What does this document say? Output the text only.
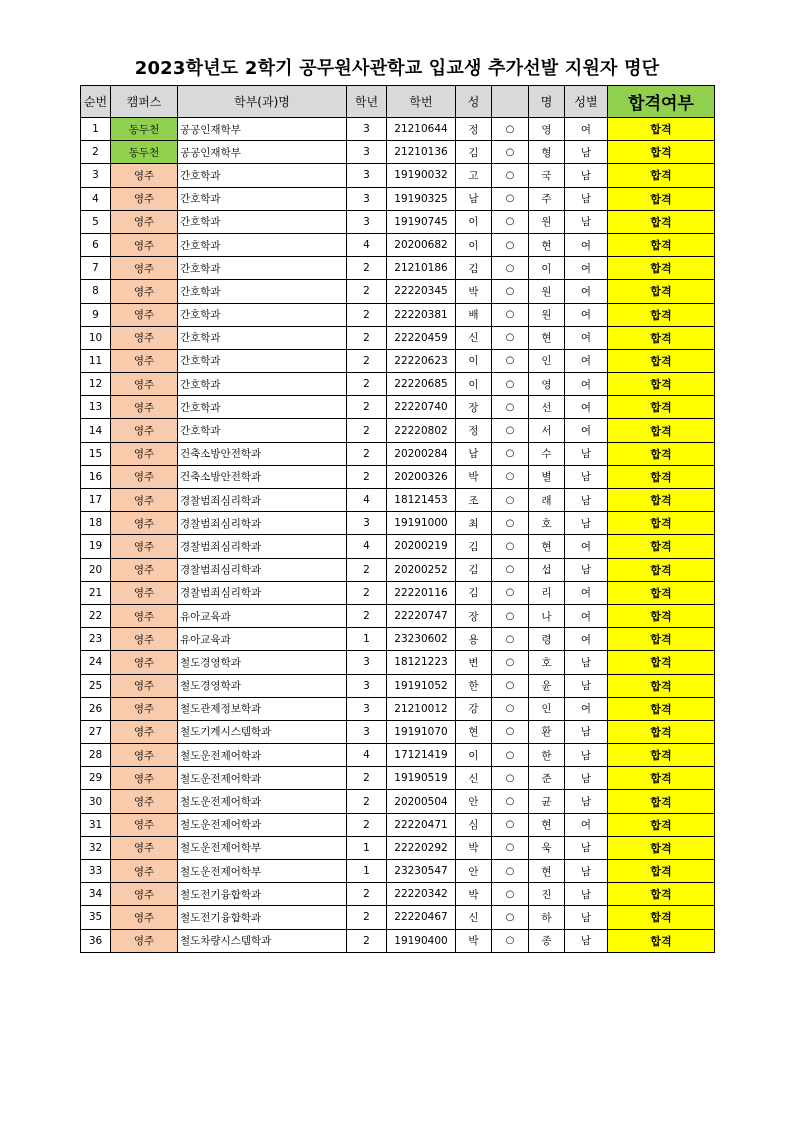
2023학년도 2학기 공무원사관학교 입교생 추가선발 지원자 명단
순번	캠퍼스	학부(과)명	학년	학번	성		명	성별	합격여부
1	동두천	공공인재학부	3	21210644	정	○	영	여	합격
2	동두천	공공인재학부	3	21210136	김	○	형	남	합격
3	영주	간호학과	3	19190032	고	○	국	남	합격
4	영주	간호학과	3	19190325	남	○	주	남	합격
5	영주	간호학과	3	19190745	이	○	원	남	합격
6	영주	간호학과	4	20200682	이	○	현	여	합격
7	영주	간호학과	2	21210186	김	○	이	여	합격
8	영주	간호학과	2	22220345	박	○	원	여	합격
9	영주	간호학과	2	22220381	배	○	원	여	합격
10	영주	간호학과	2	22220459	신	○	현	여	합격
11	영주	간호학과	2	22220623	이	○	인	여	합격
12	영주	간호학과	2	22220685	이	○	영	여	합격
13	영주	간호학과	2	22220740	장	○	선	여	합격
14	영주	간호학과	2	22220802	정	○	서	여	합격
15	영주	건축소방안전학과	2	20200284	남	○	수	남	합격
16	영주	건축소방안전학과	2	20200326	박	○	별	남	합격
17	영주	경찰범죄심리학과	4	18121453	조	○	래	남	합격
18	영주	경찰범죄심리학과	3	19191000	최	○	호	남	합격
19	영주	경찰범죄심리학과	4	20200219	김	○	현	여	합격
20	영주	경찰범죄심리학과	2	20200252	김	○	섭	남	합격
21	영주	경찰범죄심리학과	2	22220116	김	○	리	여	합격
22	영주	유아교육과	2	22220747	장	○	나	여	합격
23	영주	유아교육과	1	23230602	용	○	령	여	합격
24	영주	철도경영학과	3	18121223	변	○	호	남	합격
25	영주	철도경영학과	3	19191052	한	○	윤	남	합격
26	영주	철도관제정보학과	3	21210012	강	○	인	여	합격
27	영주	철도기계시스템학과	3	19191070	현	○	환	남	합격
28	영주	철도운전제어학과	4	17121419	이	○	한	남	합격
29	영주	철도운전제어학과	2	19190519	신	○	준	남	합격
30	영주	철도운전제어학과	2	20200504	안	○	균	남	합격
31	영주	철도운전제어학과	2	22220471	심	○	현	여	합격
32	영주	철도운전제어학부	1	22220292	박	○	욱	남	합격
33	영주	철도운전제어학부	1	23230547	안	○	현	남	합격
34	영주	철도전기융합학과	2	22220342	박	○	진	남	합격
35	영주	철도전기융합학과	2	22220467	신	○	하	남	합격
36	영주	철도차량시스템학과	2	19190400	박	○	종	남	합격
